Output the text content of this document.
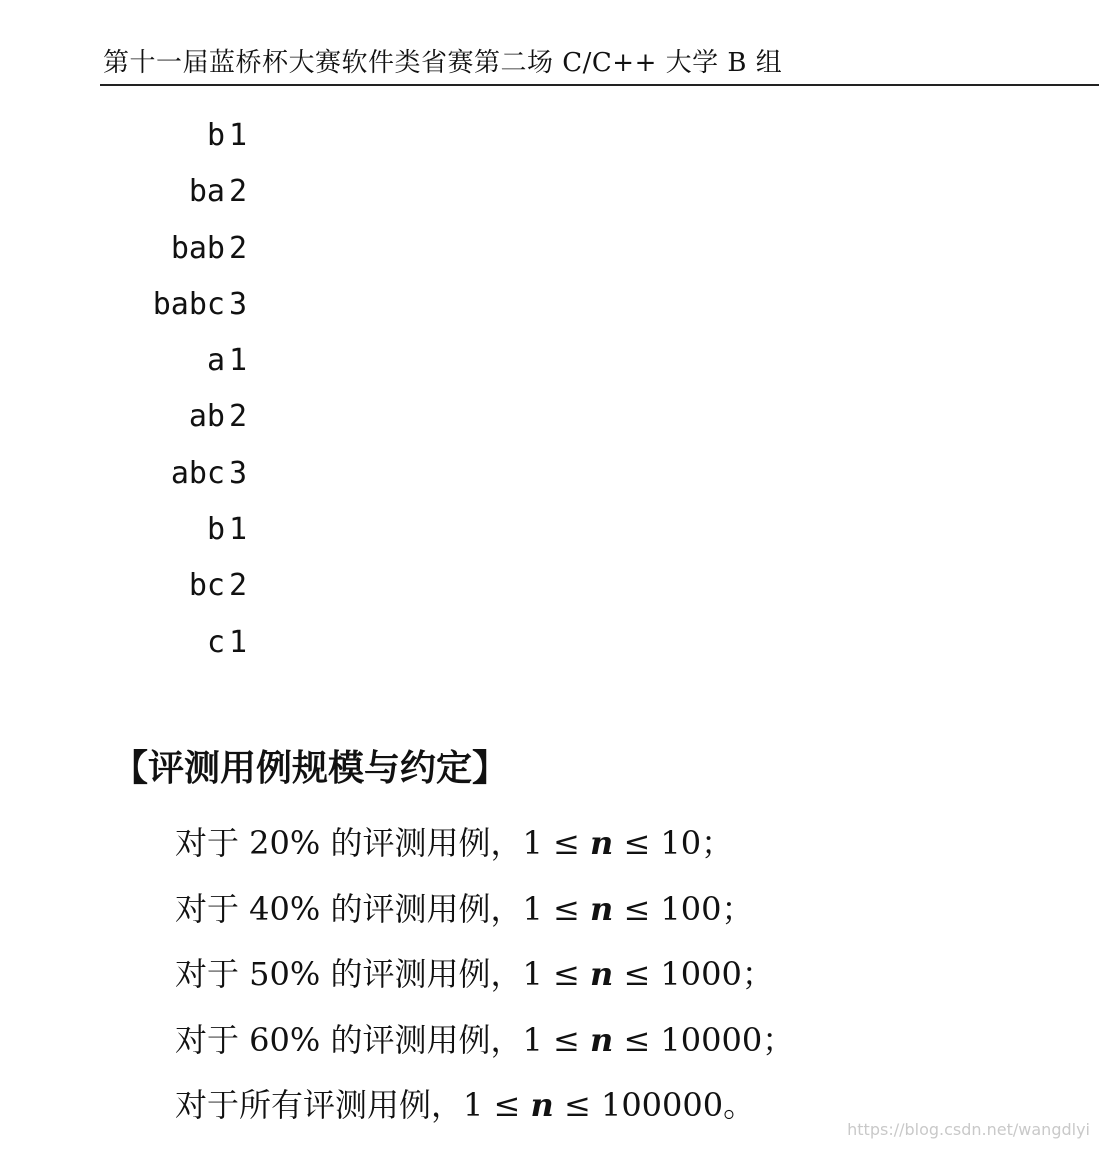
第十一届蓝桥杯大赛软件类省赛第二场 C/C++ 大学 B 组
b 1
ba 2
bab 2
babc 3
a 1
ab 2
abc 3
b 1
bc 2
c 1
【评测用例规模与约定】
对于 20% 的评测用例，1 ≤ n ≤ 10；
对于 40% 的评测用例，1 ≤ n ≤ 100；
对于 50% 的评测用例，1 ≤ n ≤ 1000；
对于 60% 的评测用例，1 ≤ n ≤ 10000；
对于所有评测用例，1 ≤ n ≤ 100000。
https://blog.csdn.net/wangdlyi
